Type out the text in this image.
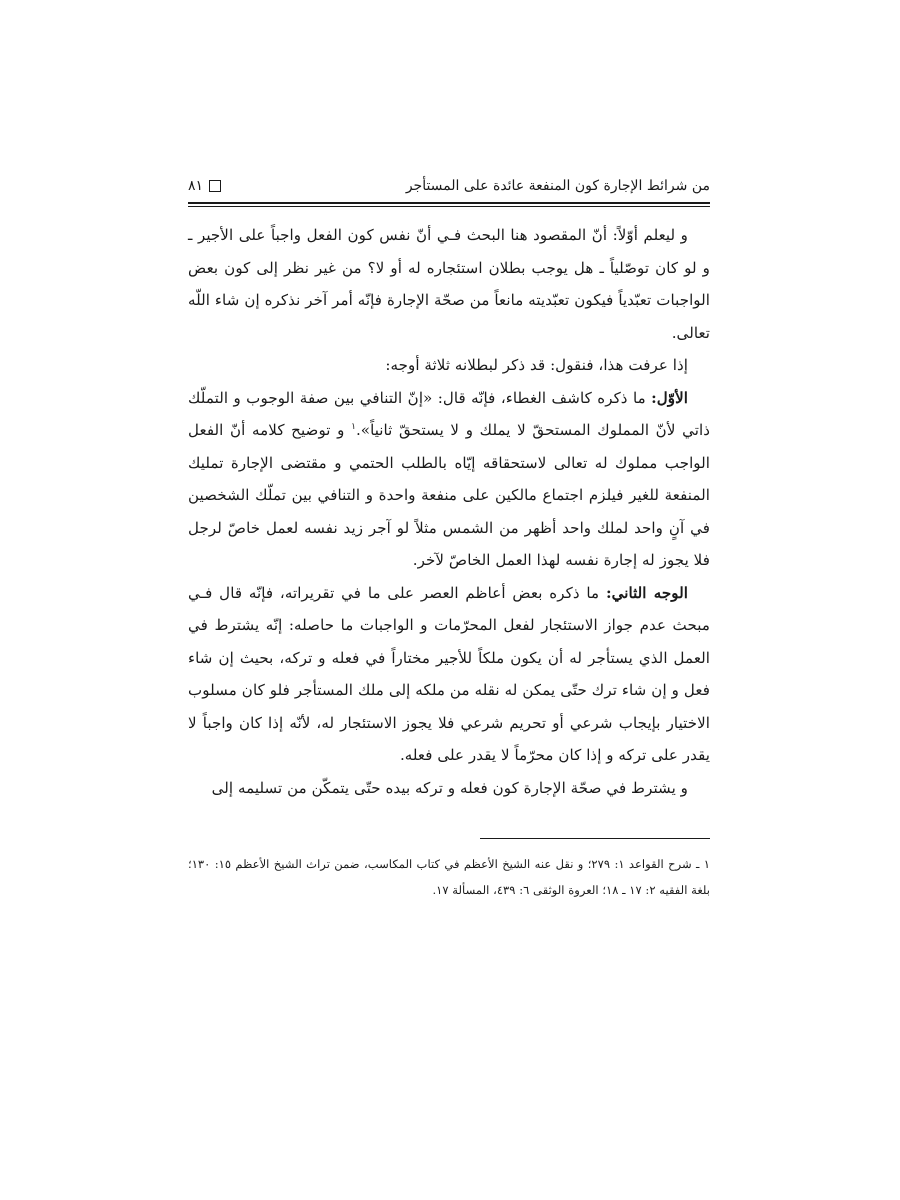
من شرائط الإجارة كون المنفعة عائدة على المستأجر
٨١

و ليعلم أوّلاً: أنّ المقصود هنا البحث فـي أنّ نفس كون الفعل واجباً على الأجير ـ و لو كان توصّلياً ـ هل يوجب بطلان استئجاره له أو لا؟ من غير نظر إلى كون بعض الواجبات تعبّدياً فيكون تعبّديته مانعاً من صحّة الإجارة فإنّه أمر آخر نذكره إن شاء اللّه تعالى.

إذا عرفت هذا، فنقول: قد ذكر لبطلانه ثلاثة أوجه:

الأوّل: ما ذكره كاشف الغطاء، فإنّه قال: «إنّ التنافي بين صفة الوجوب و التملّك ذاتي لأنّ المملوك المستحقّ لا يملك و لا يستحقّ ثانياً».$^١$ و توضيح كلامه أنّ الفعل الواجب مملوك له تعالى لاستحقاقه إيّاه بالطلب الحتمي و مقتضى الإجارة تمليك المنفعة للغير فيلزم اجتماع مالكين على منفعة واحدة و التنافي بين تملّك الشخصين في آنٍ واحد لملك واحد أظهر من الشمس مثلاً لو آجر زيد نفسه لعمل خاصّ لرجل فلا يجوز له إجارة نفسه لهذا العمل الخاصّ لآخر.

الوجه الثاني: ما ذكره بعض أعاظم العصر على ما في تقريراته، فإنّه قال فـي مبحث عدم جواز الاستئجار لفعل المحرّمات و الواجبات ما حاصله: إنّه يشترط في العمل الذي يستأجر له أن يكون ملكاً للأجير مختاراً في فعله و تركه، بحيث إن شاء فعل و إن شاء ترك حتّى يمكن له نقله من ملكه إلى ملك المستأجر فلو كان مسلوب الاختيار بإيجاب شرعي أو تحريم شرعي فلا يجوز الاستئجار له، لأنّه إذا كان واجباً لا يقدر على تركه و إذا كان محرّماً لا يقدر على فعله.

و يشترط في صحّة الإجارة كون فعله و تركه بيده حتّى يتمكّن من تسليمه إلى

١ ـ شرح القواعد ١: ٢٧٩؛ و نقل عنه الشيخ الأعظم في كتاب المكاسب، ضمن تراث الشيخ الأعظم ١٥: ١٣٠؛ بلغة الفقيه ٢: ١٧ ـ ١٨؛ العروة الوثقى ٦: ٤٣٩، المسألة ١٧.
